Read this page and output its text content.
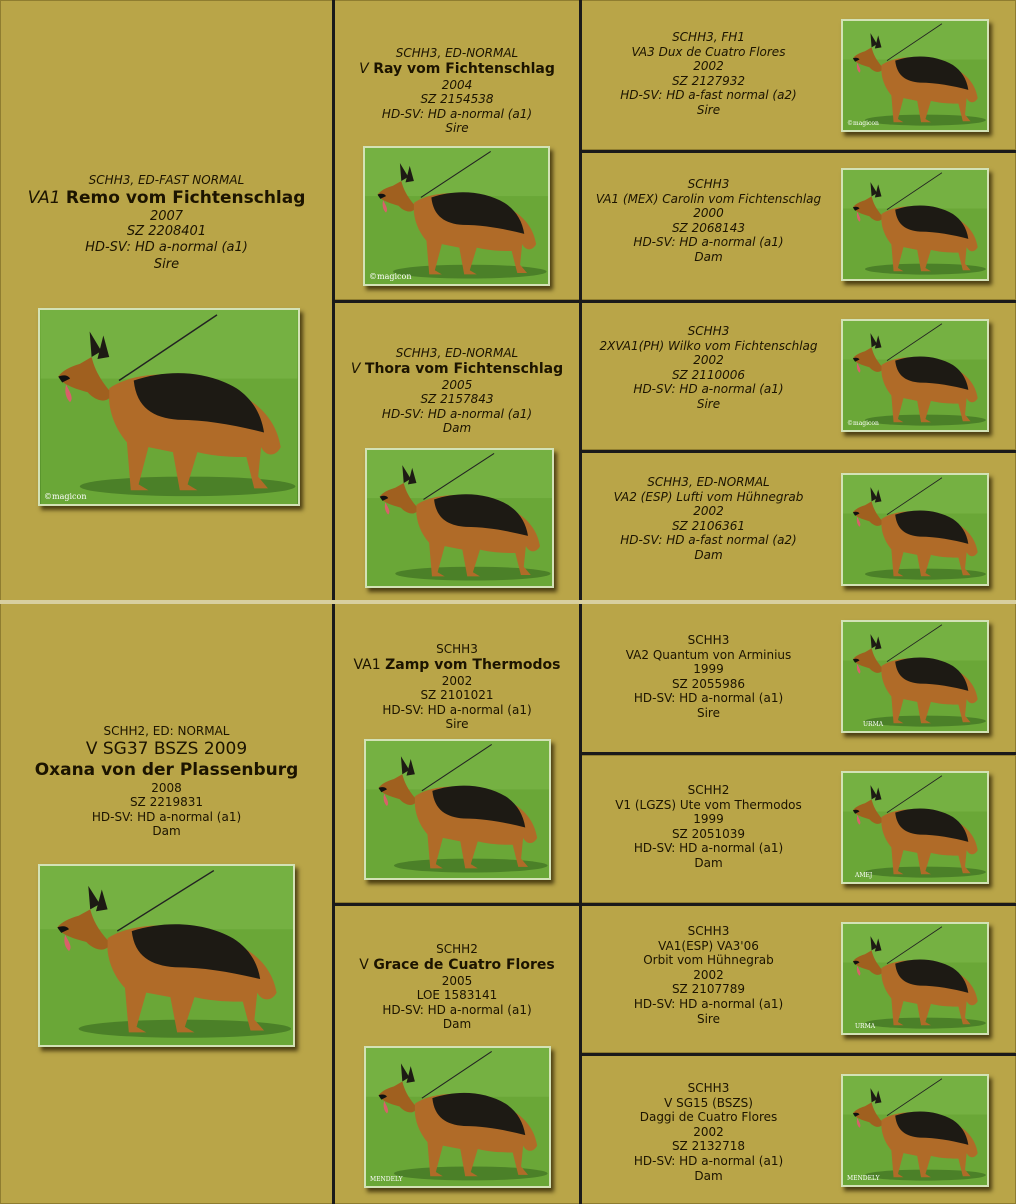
SCHH3, ED-FAST NORMAL
VA1 Remo vom Fichtenschlag
2007
SZ 2208401
HD-SV: HD a-normal (a1)
Sire
©magicon
SCHH3, ED-NORMAL
V Ray vom Fichtenschlag
2004
SZ 2154538
HD-SV: HD a-normal (a1)
Sire
©magicon
SCHH3, ED-NORMAL
V Thora vom Fichtenschlag
2005
SZ 2157843
HD-SV: HD a-normal (a1)
Dam
SCHH3, FH1
VA3 Dux de Cuatro Flores
2002
SZ 2127932
HD-SV: HD a-fast normal (a2)
Sire
©magicon
SCHH3
VA1 (MEX) Carolin vom Fichtenschlag
2000
SZ 2068143
HD-SV: HD a-normal (a1)
Dam
SCHH3
2XVA1(PH) Wilko vom Fichtenschlag
2002
SZ 2110006
HD-SV: HD a-normal (a1)
Sire
©magicon
SCHH3, ED-NORMAL
VA2 (ESP) Lufti vom Hühnegrab
2002
SZ 2106361
HD-SV: HD a-fast normal (a2)
Dam
SCHH2, ED: NORMAL
V SG37 BSZS 2009
Oxana von der Plassenburg
2008
SZ 2219831
HD-SV: HD a-normal (a1)
Dam
SCHH3
VA1 Zamp vom Thermodos
2002
SZ 2101021
HD-SV: HD a-normal (a1)
Sire
SCHH2
V Grace de Cuatro Flores
2005
LOE 1583141
HD-SV: HD a-normal (a1)
Dam
MENDELY
SCHH3
VA2 Quantum von Arminius
1999
SZ 2055986
HD-SV: HD a-normal (a1)
Sire
URMA
SCHH2
V1 (LGZS) Ute vom Thermodos
1999
SZ 2051039
HD-SV: HD a-normal (a1)
Dam
AMEJ
SCHH3
VA1(ESP) VA3'06
Orbit vom Hühnegrab
2002
SZ 2107789
HD-SV: HD a-normal (a1)
Sire
URMA
SCHH3
V SG15 (BSZS)
Daggi de Cuatro Flores
2002
SZ 2132718
HD-SV: HD a-normal (a1)
Dam	MENDELY
